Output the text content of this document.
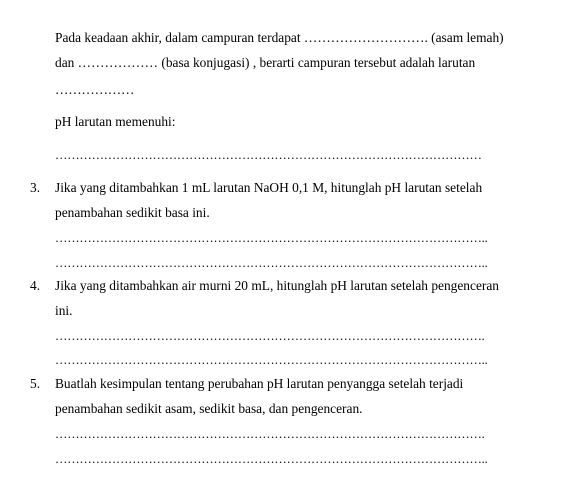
Pada keadaan akhir, dalam campuran terdapat ………………………. (asam lemah)
dan ……………… (basa konjugasi) , berarti campuran tersebut adalah larutan
………………
pH larutan memenuhi:
……………………………………………………………………………………………
3. Jika yang ditambahkan 1 mL larutan NaOH 0,1 M, hitunglah pH larutan setelah
penambahan sedikit basa ini.
……………………………………………………………………………………………..
……………………………………………………………………………………………..
4. Jika yang ditambahkan air murni 20 mL, hitunglah pH larutan setelah pengenceran
ini.
…………………………………………………………………………………………….
……………………………………………………………………………………………..
5. Buatlah kesimpulan tentang perubahan pH larutan penyangga setelah terjadi
penambahan sedikit asam, sedikit basa, dan pengenceran.
…………………………………………………………………………………………….
……………………………………………………………………………………………..
